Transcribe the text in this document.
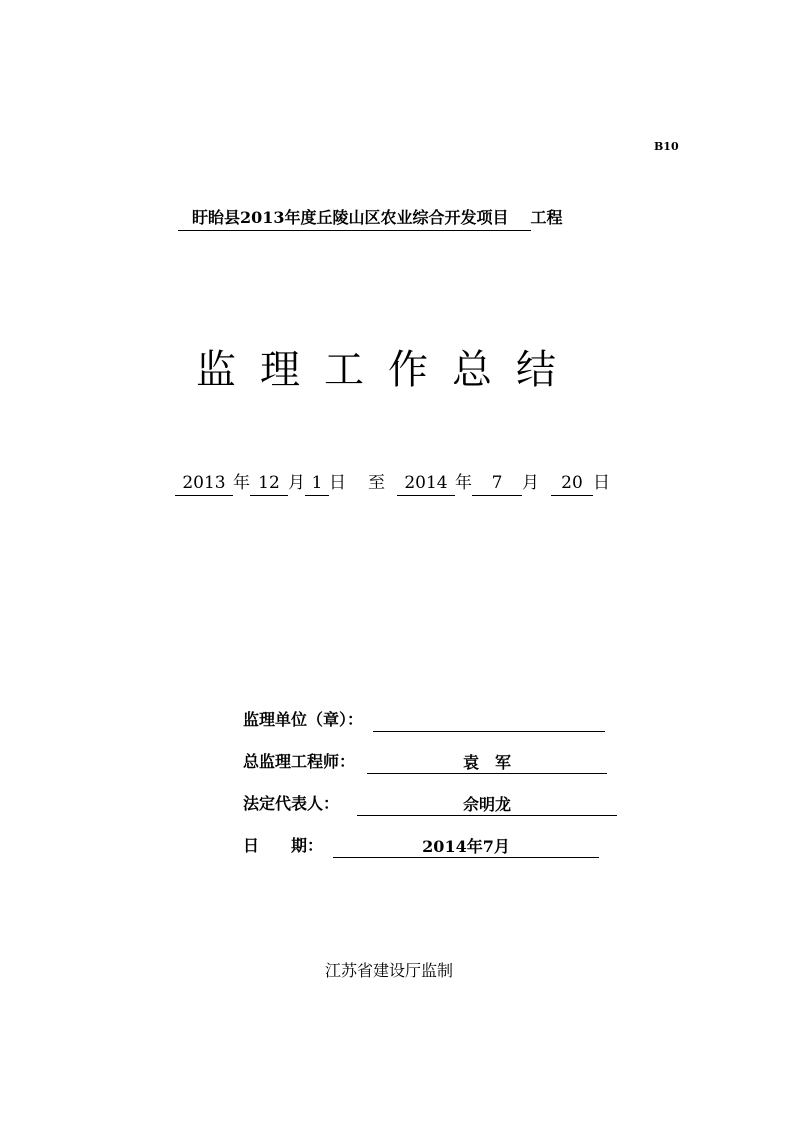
B10
盱眙县2013年度丘陵山区农业综合开发项目 工程
监理工作总结
2013 年 12 月 1 日 至 2014 年 7 月 20 日
监理单位（章）：
总监理工程师：	袁　军
法定代表人：	佘明龙
日　　期：	2014年7月
江苏省建设厅监制
